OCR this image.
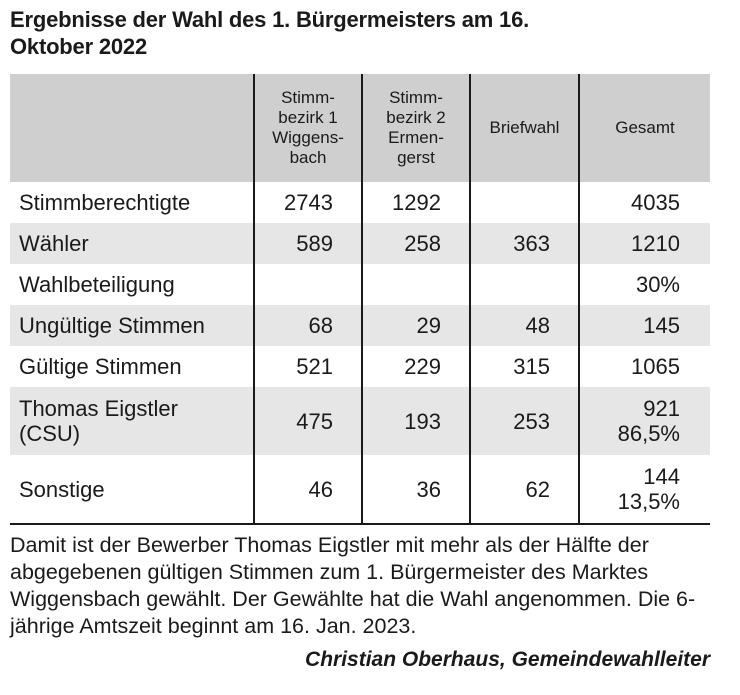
Ergebnisse der Wahl des 1. Bürgermeisters am 16. Oktober 2022
	Stimm-
bezirk 1
Wiggens-
bach	Stimm-
bezirk 2
Ermen-
gerst	Briefwahl	Gesamt
Stimmberechtigte	2743	1292		4035
Wähler	589	258	363	1210
Wahlbeteiligung				30%
Ungültige Stimmen	68	29	48	145
Gültige Stimmen	521	229	315	1065

Thomas Eigstler (CSU)	475	193	253	921 86,5%
Sonstige	46	36	62	144 13,5%
Damit ist der Bewerber Thomas Eigstler mit mehr als der Hälfte der abgegebenen gültigen Stimmen zum 1. Bürgermeister des Marktes Wiggensbach gewählt. Der Gewählte hat die Wahl angenommen. Die 6-jährige Amtszeit beginnt am 16. Jan. 2023.
Christian Oberhaus, Gemeindewahlleiter
